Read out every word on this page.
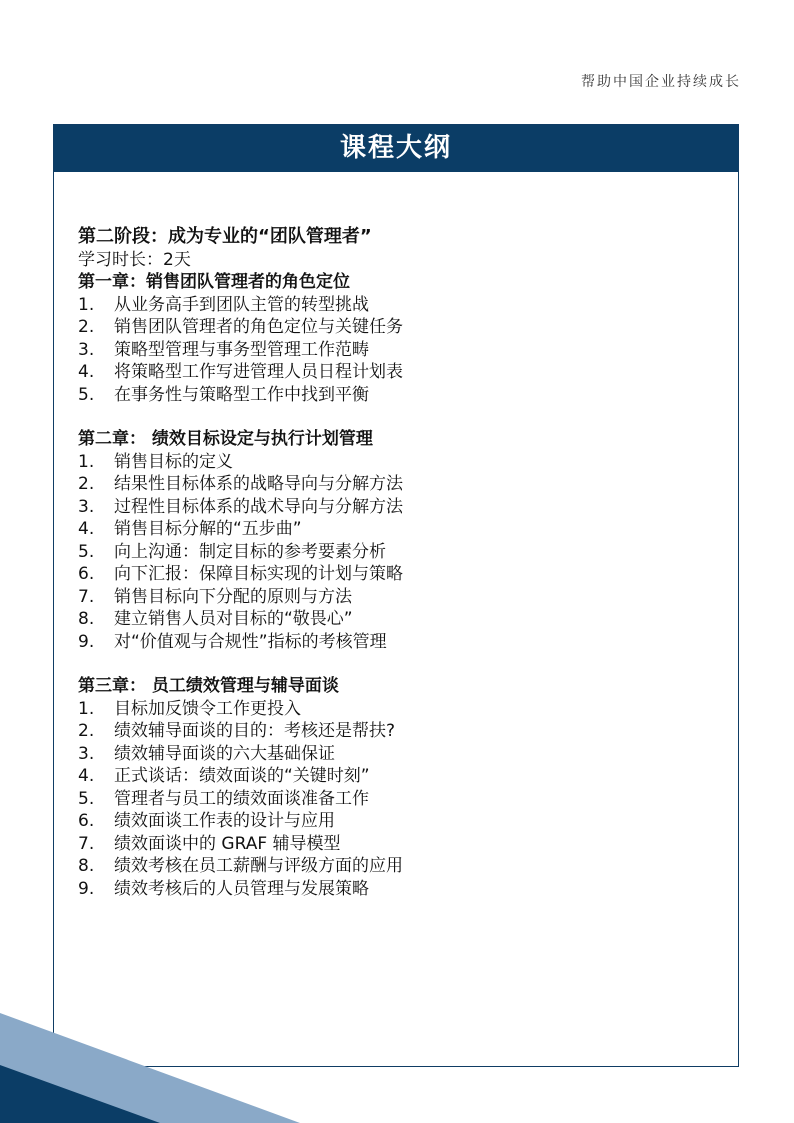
帮助中国企业持续成长
课程大纲
第二阶段：成为专业的“团队管理者”
学习时长：2天
第一章：销售团队管理者的角色定位
1.	从业务高手到团队主管的转型挑战
2.	销售团队管理者的角色定位与关键任务
3.	策略型管理与事务型管理工作范畴
4.	将策略型工作写进管理人员日程计划表
5.	在事务性与策略型工作中找到平衡
第二章： 绩效目标设定与执行计划管理
1.	销售目标的定义
2.	结果性目标体系的战略导向与分解方法
3.	过程性目标体系的战术导向与分解方法
4.	销售目标分解的“五步曲”
5.	向上沟通：制定目标的参考要素分析
6.	向下汇报：保障目标实现的计划与策略
7.	销售目标向下分配的原则与方法
8.	建立销售人员对目标的“敬畏心”
9.	对“价值观与合规性”指标的考核管理
第三章： 员工绩效管理与辅导面谈
1.	目标加反馈令工作更投入
2.	绩效辅导面谈的目的：考核还是帮扶?
3.	绩效辅导面谈的六大基础保证
4.	正式谈话：绩效面谈的“关键时刻”
5.	管理者与员工的绩效面谈准备工作
6.	绩效面谈工作表的设计与应用
7.	绩效面谈中的 GRAF 辅导模型
8.	绩效考核在员工薪酬与评级方面的应用
9.	绩效考核后的人员管理与发展策略
